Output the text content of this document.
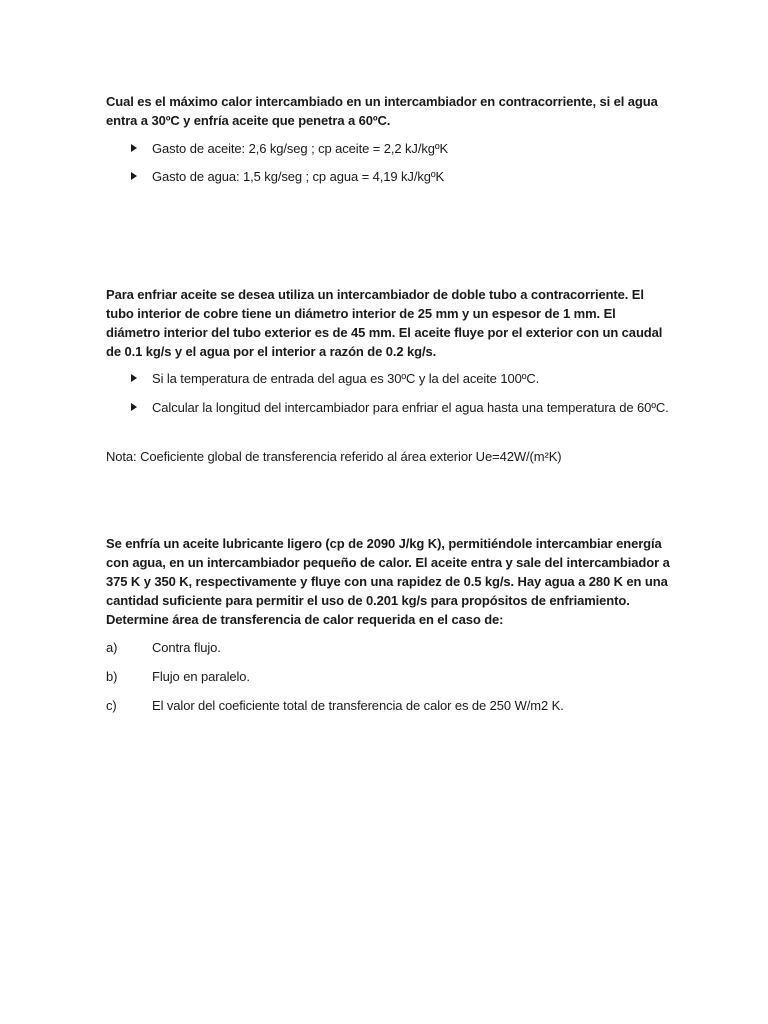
Cual es el máximo calor intercambiado en un intercambiador en contracorriente, si el agua entra a 30ºC y enfría aceite que penetra a 60ºC.

Gasto de aceite: 2,6 kg/seg ; cp aceite = 2,2 kJ/kgºK
Gasto de agua: 1,5 kg/seg ; cp agua = 4,19 kJ/kgºK

Para enfriar aceite se desea utiliza un intercambiador de doble tubo a contracorriente. El tubo interior de cobre tiene un diámetro interior de 25 mm y un espesor de 1 mm. El diámetro interior del tubo exterior es de 45 mm. El aceite fluye por el exterior con un caudal de 0.1 kg/s y el agua por el interior a razón de 0.2 kg/s.

Si la temperatura de entrada del agua es 30ºC y la del aceite 100ºC.
Calcular la longitud del intercambiador para enfriar el agua hasta una temperatura de 60ºC.

Nota: Coeficiente global de transferencia referido al área exterior Ue=42W/(m²K)

Se enfría un aceite lubricante ligero (cp de 2090 J/kg K), permitiéndole intercambiar energía con agua, en un intercambiador pequeño de calor. El aceite entra y sale del intercambiador a 375 K y 350 K, respectivamente y fluye con una rapidez de 0.5 kg/s. Hay agua a 280 K en una cantidad suficiente para permitir el uso de 0.201 kg/s para propósitos de enfriamiento. Determine área de transferencia de calor requerida en el caso de:

a)	Contra flujo.
b)	Flujo en paralelo.
c)	El valor del coeficiente total de transferencia de calor es de 250 W/m2 K.
